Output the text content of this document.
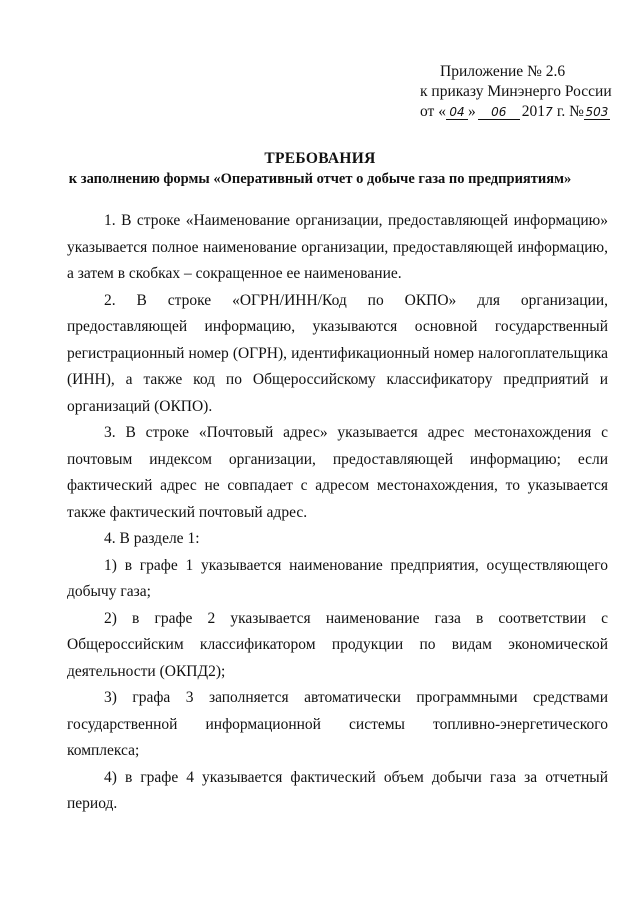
Приложение № 2.6
к приказу Минэнерго России
от « 04 » 06 2017 г. № 503
ТРЕБОВАНИЯ
к заполнению формы «Оперативный отчет о добыче газа по предприятиям»

1. В строке «Наименование организации, предоставляющей информацию» указывается полное наименование организации, предоставляющей информацию, а затем в скобках – сокращенное ее наименование.

2. В строке «ОГРН/ИНН/Код по ОКПО» для организации, предоставляющей информацию, указываются основной государственный регистрационный номер (ОГРН), идентификационный номер налогоплательщика (ИНН), а также код по Общероссийскому классификатору предприятий и организаций (ОКПО).

3. В строке «Почтовый адрес» указывается адрес местонахождения с почтовым индексом организации, предоставляющей информацию; если фактический адрес не совпадает с адресом местонахождения, то указывается также фактический почтовый адрес.

4. В разделе 1:

1) в графе 1 указывается наименование предприятия, осуществляющего добычу газа;

2) в графе 2 указывается наименование газа в соответствии с Общероссийским классификатором продукции по видам экономической деятельности (ОКПД2);

3) графа 3 заполняется автоматически программными средствами государственной информационной системы топливно-энергетического комплекса;

4) в графе 4 указывается фактический объем добычи газа за отчетный период.
